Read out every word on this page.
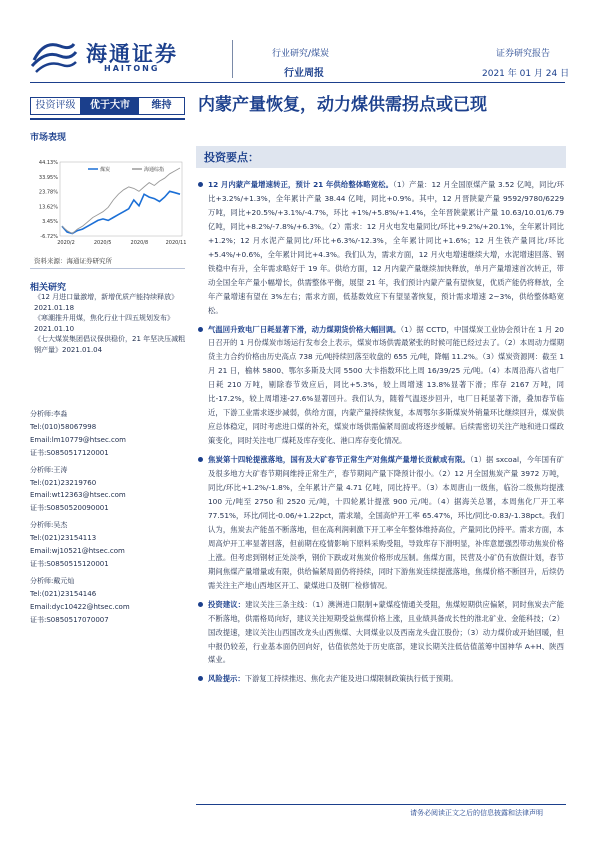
海通证券
HAITONG
行业研究/煤炭
行业周报
证券研究报告
2021 年 01 月 24 日
投资评级	优于大市	维持	内蒙产量恢复，动力煤供需拐点或已现
市场表现
44.13%
33.95%
23.78%
13.62%
3.45%
-6.72%
2020/2	2020/5	2020/8	2020/11
煤炭	海通综指
资料来源：海通证券研究所
相关研究
《12 月进口量激增，新增优质产能持续释放》2021.01.18
《寒潮推升用煤，焦化行业十四五规划发布》2021.01.10
《七大煤炭集团倡议保供稳价，21 年坚决压减粗钢产量》2021.01.04
分析师:李淼
Tel:(010)58067998
Email:lm10779@htsec.com
证书:S0850517120001
分析师:王涛
Tel:(021)23219760
Email:wt12363@htsec.com
证书:S0850520090001
分析师:吴杰
Tel:(021)23154113
Email:wj10521@htsec.com
证书:S0850515120001
分析师:戴元灿
Tel:(021)23154146
Email:dyc10422@htsec.com
证书:S0850517070007
投资要点：
12 月内蒙产量增速转正，预计 21 年供给整体略宽松。（1）产量：12 月全国原煤产量 3.52 亿吨，同比/环比+3.2%/+1.3%，全年累计产量 38.44 亿吨，同比+0.9%。其中，12 月晋陕蒙产量 9592/9780/6229 万吨，同比+20.5%/+3.1%/-4.7%，环比 +1%/+5.8%/+1.4%，全年晋陕蒙累计产量 10.63/10.01/6.79 亿吨，同比+8.2%/-7.8%/+6.3%。（2）需求：12 月火电发电量同比/环比+9.2%/+20.1%，全年累计同比+1.2%；12 月水泥产量同比/环比+6.3%/-12.3%，全年累计同比+1.6%；12 月生铁产量同比/环比+5.4%/+0.6%，全年累计同比+4.3%。我们认为，需求方面，12 月火电增速继续大增，水泥增速回落、钢铁稳中有升，全年需求略好于 19 年。供给方面，12 月内蒙产量继续加快释放，单月产量增速首次转正，带动全国全年产量小幅增长，供需整体平衡，展望 21 年，我们预计内蒙产量有望恢复，优质产能仍将释放，全年产量增速有望在 3%左右；需求方面，低基数效应下有望显著恢复，预计需求增速 2~3%，供给整体略宽松。
气温回升致电厂日耗显著下滑，动力煤期货价格大幅回调。（1）据 CCTD，中国煤炭工业协会预计在 1 月 20 日召开的 1 月份煤炭市场运行发布会上表示，煤炭市场供需最紧张的时候可能已经过去了。（2）本周动力煤期货主力合约价格由历史高点 738 元/吨持续回落至收盘的 655 元/吨，降幅 11.2%。（3）煤炭资源网：截至 1 月 21 日，榆林 5800、鄂尔多斯及大同 5500 大卡指数环比上周 16/39/25 元/吨。（4）本周沿海八省电厂日耗 210 万吨，剔除春节效应后，同比+5.3%，较上周增速 13.8%显著下滑；库存 2167 万吨，同比-17.2%，较上周增速-27.6%显著回升。我们认为，随着气温逐步回升，电厂日耗显著下滑，叠加春节临近，下游工业需求逐步减弱，供给方面，内蒙产量持续恢复，本周鄂尔多斯煤炭外销量环比继续回升，煤炭供应总体稳定，同时考虑进口煤的补充，煤炭市场供需偏紧局面或将逐步缓解。后续需密切关注产地和进口煤政策变化，同时关注电厂煤耗及库存变化、港口库存变化情况。
焦炭第十四轮提涨落地，国有及大矿春节正常生产对焦煤产量增长贡献或有限。（1）据 sxcoal，今年国有矿及很多地方大矿春节期间维持正常生产，春节期间产量下降预计很小。（2）12 月全国焦炭产量 3972 万吨，同比/环比+1.2%/-1.8%，全年累计产量 4.71 亿吨，同比持平。（3）本周唐山一级焦，临汾二级焦均提涨 100 元/吨至 2750 和 2520 元/吨，十四轮累计提涨 900 元/吨。（4）据海关总署，本周焦化厂开工率 77.51%，环比/同比-0.06/+1.22pct，需求端，全国高炉开工率 65.47%，环比/同比-0.83/-1.38pct。我们认为，焦炭去产能虽不断落地，但在高利润刺激下开工率全年整体维持高位，产量同比仍持平。需求方面，本周高炉开工率显著回落，但前期在疫情影响下原料采购受阻，导致库存下滑明显，补库意愿强烈带动焦炭价格上涨。但考虑到钢材正处淡季，钢价下跌或对焦炭价格形成压制。焦煤方面，民营及小矿仍有放假计划，春节期间焦煤产量增量或有限，供给偏紧局面仍将持续，同时下游焦炭连续提涨落地，焦煤价格不断回升，后续仍需关注主产地山西地区开工、蒙煤进口及钢厂检修情况。
投资建议：建议关注三条主线：（1）澳洲进口限制+蒙煤疫情通关受阻，焦煤短期供应偏紧，同时焦炭去产能不断落地，供需格局向好，建议关注短期受益焦煤价格上涨，且业绩具备成长性的淮北矿业、金能科技；（2）国改提速，建议关注山西国改龙头山西焦煤、大同煤业以及西南龙头盘江股份；（3）动力煤价或开始回暖，但中报仍较差，行业基本面仍回向好，估值依然处于历史底部，建议长期关注低估值蓝筹中国神华 A+H、陕西煤业。
风险提示：下游复工持续推迟、焦化去产能及进口煤限制政策执行低于预期。
请务必阅读正文之后的信息披露和法律声明
